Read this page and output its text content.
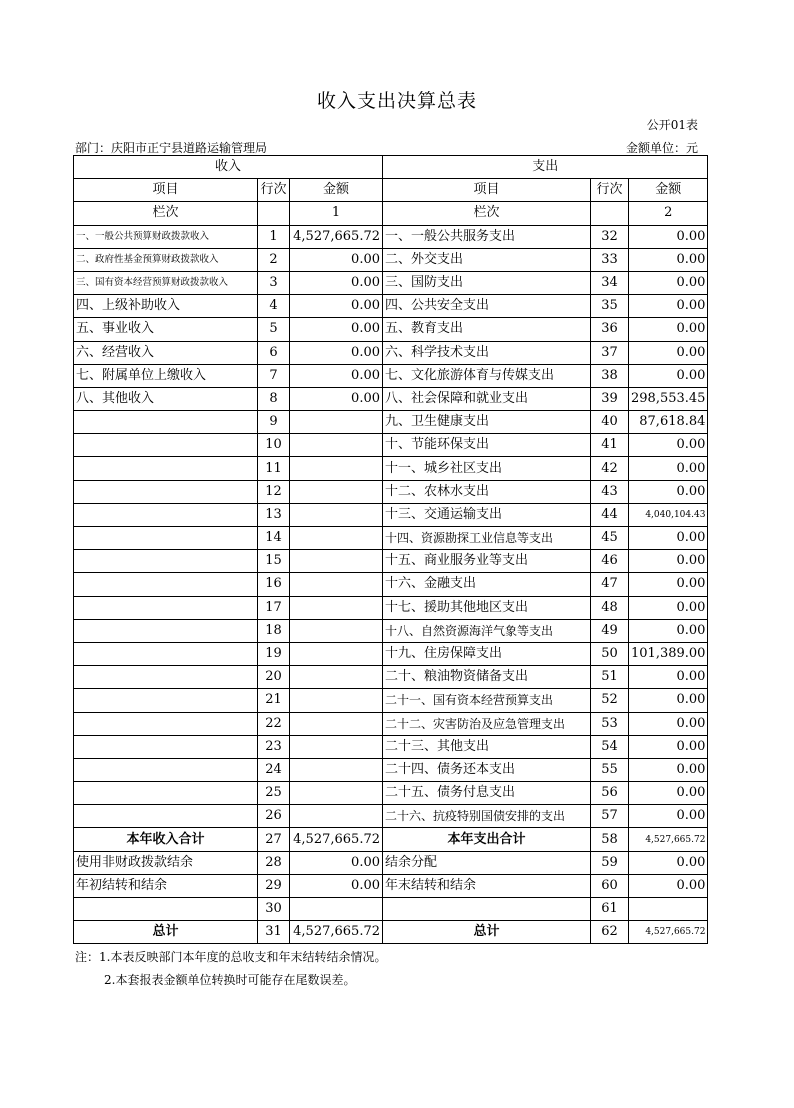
收入支出决算总表
公开01表
部门：庆阳市正宁县道路运输管理局	金额单位：元
收入			支出		
项目	行次	金额	项目	行次	金额
栏次		1	栏次		2
一、一般公共预算财政拨款收入	1	4,527,665.72	一、一般公共服务支出	32	0.00
二、政府性基金预算财政拨款收入	2	0.00	二、外交支出	33	0.00
三、国有资本经营预算财政拨款收入	3	0.00	三、国防支出	34	0.00
四、上级补助收入	4	0.00	四、公共安全支出	35	0.00
五、事业收入	5	0.00	五、教育支出	36	0.00
六、经营收入	6	0.00	六、科学技术支出	37	0.00
七、附属单位上缴收入	7	0.00	七、文化旅游体育与传媒支出	38	0.00
八、其他收入	8	0.00	八、社会保障和就业支出	39	298,553.45
	9		九、卫生健康支出	40	87,618.84
	10		十、节能环保支出	41	0.00
	11		十一、城乡社区支出	42	0.00
	12		十二、农林水支出	43	0.00
	13		十三、交通运输支出	44	4,040,104.43
	14		十四、资源勘探工业信息等支出	45	0.00
	15		十五、商业服务业等支出	46	0.00
	16		十六、金融支出	47	0.00
	17		十七、援助其他地区支出	48	0.00
	18		十八、自然资源海洋气象等支出	49	0.00
	19		十九、住房保障支出	50	101,389.00
	20		二十、粮油物资储备支出	51	0.00
	21		二十一、国有资本经营预算支出	52	0.00
	22		二十二、灾害防治及应急管理支出	53	0.00
	23		二十三、其他支出	54	0.00
	24		二十四、债务还本支出	55	0.00
	25		二十五、债务付息支出	56	0.00
	26		二十六、抗疫特别国债安排的支出	57	0.00
本年收入合计	27	4,527,665.72	本年支出合计	58	4,527,665.72
使用非财政拨款结余	28	0.00	结余分配	59	0.00
年初结转和结余	29	0.00	年末结转和结余	60	0.00
	30			61	
总计	31	4,527,665.72	总计	62	4,527,665.72
注：1.本表反映部门本年度的总收支和年末结转结余情况。
2.本套报表金额单位转换时可能存在尾数误差。
